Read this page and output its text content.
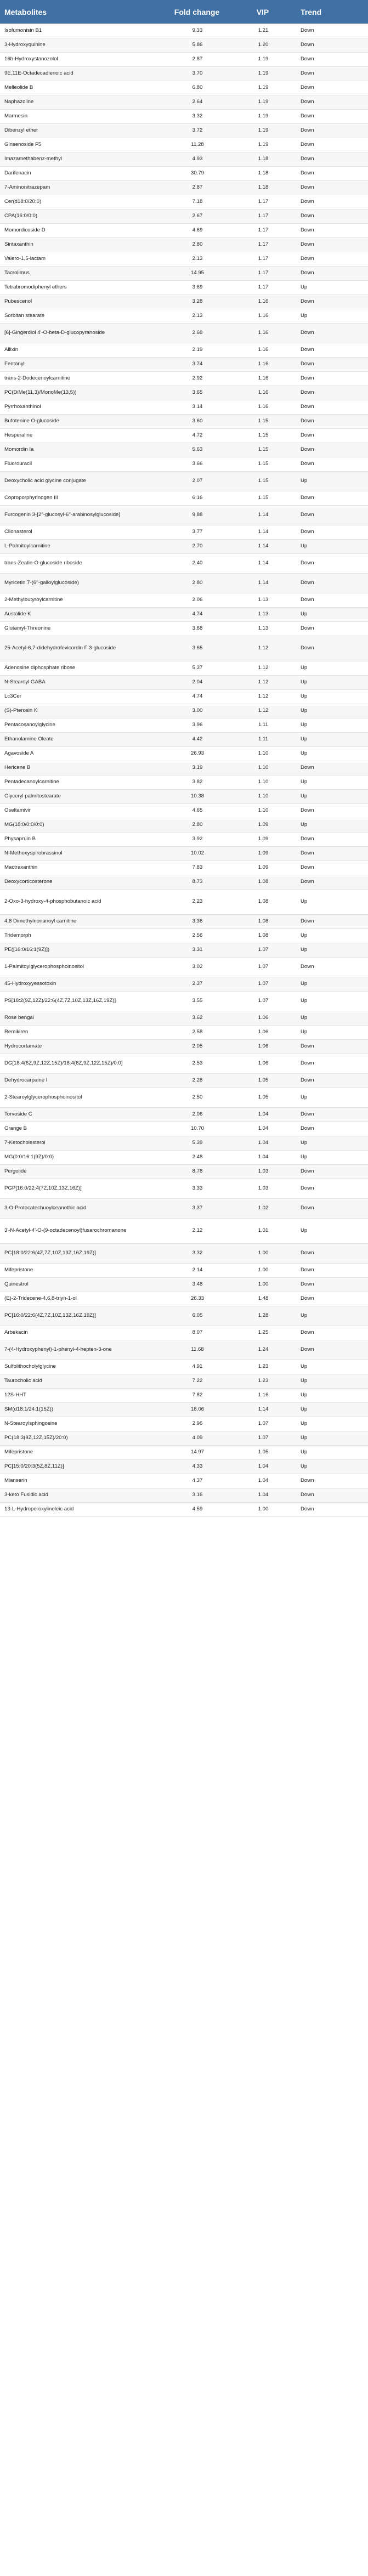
Metabolites	Fold change	VIP	Trend
Isofumonisin B1	9.33	1.21	Down
3-Hydroxyquinine	5.86	1.20	Down
16b-Hydroxystanozolol	2.87	1.19	Down
9E,11E-Octadecadienoic acid	3.70	1.19	Down
Melleolide B	6.80	1.19	Down
Naphazoline	2.64	1.19	Down
Marmesin	3.32	1.19	Down
Dibenzyl ether	3.72	1.19	Down
Ginsenoside F5	11.28	1.19	Down
Imazamethabenz-methyl	4.93	1.18	Down
Darifenacin	30.79	1.18	Down
7-Aminonitrazepam	2.87	1.18	Down
Cer(d18:0/20:0)	7.18	1.17	Down
CPA(16:0/0:0)	2.67	1.17	Down
Momordicoside D	4.69	1.17	Down
Sintaxanthin	2.80	1.17	Down
Valero-1,5-lactam	2.13	1.17	Down
Tacrolimus	14.95	1.17	Down
Tetrabromodiphenyl ethers	3.69	1.17	Up
Pubescenol	3.28	1.16	Down
Sorbitan stearate	2.13	1.16	Up
[6]-Gingerdiol 4'-O-beta-D-glucopyranoside	2.68	1.16	Down
Allixin	2.19	1.16	Down
Fentanyl	3.74	1.16	Down
trans-2-Dodecenoylcarnitine	2.92	1.16	Down
PC(DiMe(11,3)/MonoMe(13,5))	3.65	1.16	Down
Pyrrhoxanthinol	3.14	1.16	Down
Bufotenine O-glucoside	3.60	1.15	Down
Hesperaline	4.72	1.15	Down
Momordin Ia	5.63	1.15	Down
Fluorouracil	3.66	1.15	Down
Deoxycholic acid glycine conjugate	2.07	1.15	Up
Coproporphyrinogen III	6.16	1.15	Down
Furcogenin 3-[2''-glucosyl-6''-arabinosylglucoside]	9.88	1.14	Down
Clionasterol	3.77	1.14	Down
L-Palmitoylcarnitine	2.70	1.14	Up
trans-Zeatin-O-glucoside riboside	2.40	1.14	Down
Myricetin 7-(6''-galloylglucoside)	2.80	1.14	Down
2-Methylbutyroylcarnitine	2.06	1.13	Down
Austalide K	4.74	1.13	Up
Glutamyl-Threonine	3.68	1.13	Down
25-Acetyl-6,7-didehydrofevicordin F 3-glucoside	3.65	1.12	Down
Adenosine diphosphate ribose	5.37	1.12	Up
N-Stearoyl GABA	2.04	1.12	Up
Lc3Cer	4.74	1.12	Up
(S)-Pterosin K	3.00	1.12	Up
Pentacosanoylglycine	3.96	1.11	Up
Ethanolamine Oleate	4.42	1.11	Up
Agavoside A	26.93	1.10	Up
Hericene B	3.19	1.10	Down
Pentadecanoylcarnitine	3.82	1.10	Up
Glyceryl palmitostearate	10.38	1.10	Up
Oseltamivir	4.65	1.10	Down
MG(18:0/0:0/0:0)	2.80	1.09	Up
Physapruin B	3.92	1.09	Down
N-Methoxyspirobrassinol	10.02	1.09	Down
Mactraxanthin	7.83	1.09	Down
Deoxycorticosterone	8.73	1.08	Down
2-Oxo-3-hydroxy-4-phosphobutanoic acid	2.23	1.08	Up
4,8 Dimethylnonanoyl carnitine	3.36	1.08	Down
Tridemorph	2.56	1.08	Up
PE([16:0/16:1(9Z)])	3.31	1.07	Up
1-Palmitoylglycerophosphoinositol	3.02	1.07	Down
45-Hydroxyyessotoxin	2.37	1.07	Up
PS[18:2(9Z,12Z)/22:6(4Z,7Z,10Z,13Z,16Z,19Z)]	3.55	1.07	Up
Rose bengal	3.62	1.06	Up
Remikiren	2.58	1.06	Up
Hydrocortamate	2.05	1.06	Down
DG[18:4(6Z,9Z,12Z,15Z)/18:4(6Z,9Z,12Z,15Z)/0:0]	2.53	1.06	Down
Dehydrocarpaine I	2.28	1.05	Down
2-Stearoylglycerophosphoinositol	2.50	1.05	Up
Torvoside C	2.06	1.04	Down
Orange B	10.70	1.04	Down
7-Ketocholesterol	5.39	1.04	Up
MG(0:0/16:1(9Z)/0:0)	2.48	1.04	Up
Pergolide	8.78	1.03	Down
PGP[16:0/22:4(7Z,10Z,13Z,16Z)]	3.33	1.03	Down
3-O-Protocatechuoylceanothic acid	3.37	1.02	Down
3'-N-Acetyl-4'-O-(9-octadecenoyl)fusarochromanone	2.12	1.01	Up
PC[18:0/22:6(4Z,7Z,10Z,13Z,16Z,19Z)]	3.32	1.00	Down
Mifepristone	2.14	1.00	Down
Quinestrol	3.48	1.00	Down
(E)-2-Tridecene-4,6,8-triyn-1-ol	26.33	1.48	Down
PC[16:0/22:6(4Z,7Z,10Z,13Z,16Z,19Z)]	6.05	1.28	Up
Arbekacin	8.07	1.25	Down
7-(4-Hydroxyphenyl)-1-phenyl-4-hepten-3-one	11.68	1.24	Down
Sulfolithocholylglycine	4.91	1.23	Up
Taurocholic acid	7.22	1.23	Up
12S-HHT	7.82	1.16	Up
SM(d18:1/24:1(15Z))	18.06	1.14	Up
N-Stearoylsphingosine	2.96	1.07	Up
PC(18:3(9Z,12Z,15Z)/20:0)	4.09	1.07	Up
Mifepristone	14.97	1.05	Up
PC[15:0/20:3(5Z,8Z,11Z)]	4.33	1.04	Up
Mianserin	4.37	1.04	Down
3-keto Fusidic acid	3.16	1.04	Down
13-L-Hydroperoxylinoleic acid	4.59	1.00	Down
